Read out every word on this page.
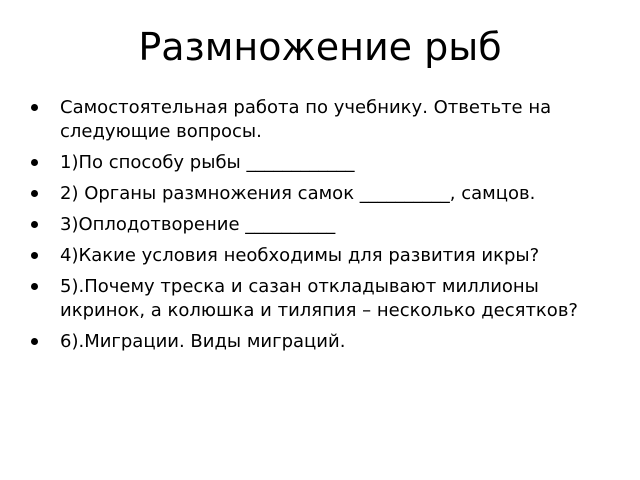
Размножение рыб
Самостоятельная работа по учебнику. Ответьте на следующие вопросы.
1)По способу рыбы ____________
2) Органы размножения самок __________, самцов.
3)Оплодотворение __________
4)Какие условия необходимы для развития икры?
5).Почему треска и сазан откладывают миллионы икринок, а колюшка и тиляпия – несколько десятков?
6).Миграции. Виды миграций.
